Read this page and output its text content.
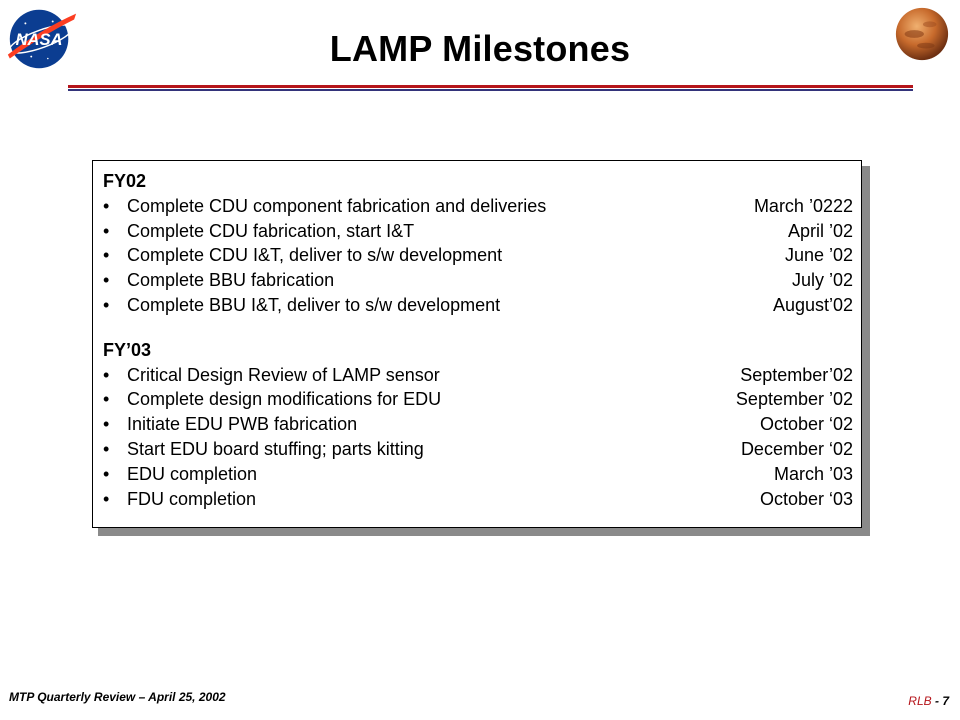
NASA	LAMP Milestones
FY02
• Complete CDU component fabrication and deliveries	March ’0222
• Complete CDU fabrication, start I&T	April ’02
• Complete CDU I&T, deliver to s/w development	June ’02
• Complete BBU fabrication	July ’02
• Complete BBU I&T, deliver to s/w development	August’02
FY’03
• Critical Design Review of LAMP sensor	September’02
• Complete design modifications for EDU	September ’02
• Initiate EDU PWB fabrication	October ‘02
• Start EDU board stuffing; parts kitting	December ‘02
• EDU completion	March ’03
• FDU completion	October ‘03
MTP Quarterly Review – April 25, 2002	RLB - 7
